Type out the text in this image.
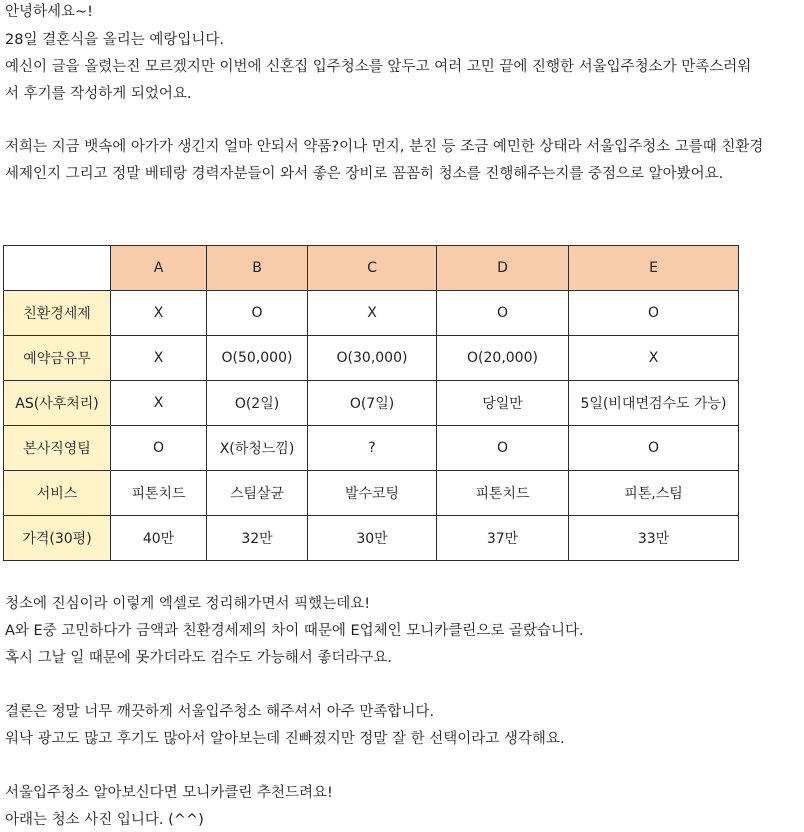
안녕하세요~!
28일 결혼식을 올리는 예랑입니다.
예신이 글을 올렸는진 모르겠지만 이번에 신혼집 입주청소를 앞두고 여러 고민 끝에 진행한 서울입주청소가 만족스러워
서 후기를 작성하게 되었어요.
저희는 지금 뱃속에 아가가 생긴지 얼마 안되서 약품?이나 먼지, 분진 등 조금 예민한 상태라 서울입주청소 고를때 친환경
세제인지 그리고 정말 베테랑 경력자분들이 와서 좋은 장비로 꼼꼼히 청소를 진행해주는지를 중점으로 알아봤어요.
	A	B	C	D	E
친환경세제	X	O	X	O	O
예약금유무	X	O(50,000)	O(30,000)	O(20,000)	X
AS(사후처리)	X	O(2일)	O(7일)	당일만	5일(비대면검수도 가능)
본사직영팀	O	X(하청느낌)	?	O	O
서비스	피톤치드	스팀살균	발수코팅	피톤치드	피톤,스팀
가격(30평)	40만	32만	30만	37만	33만
청소에 진심이라 이렇게 엑셀로 정리해가면서 픽했는데요!
A와 E중 고민하다가 금액과 친환경세제의 차이 때문에 E업체인 모니카클린으로 골랐습니다.
혹시 그날 일 때문에 못가더라도 검수도 가능해서 좋더라구요.
결론은 정말 너무 깨끗하게 서울입주청소 해주셔서 아주 만족합니다.
워낙 광고도 많고 후기도 많아서 알아보는데 진빠졌지만 정말 잘 한 선택이라고 생각해요.
서울입주청소 알아보신다면 모니카클린 추천드려요!
아래는 청소 사진 입니다. (^^)
